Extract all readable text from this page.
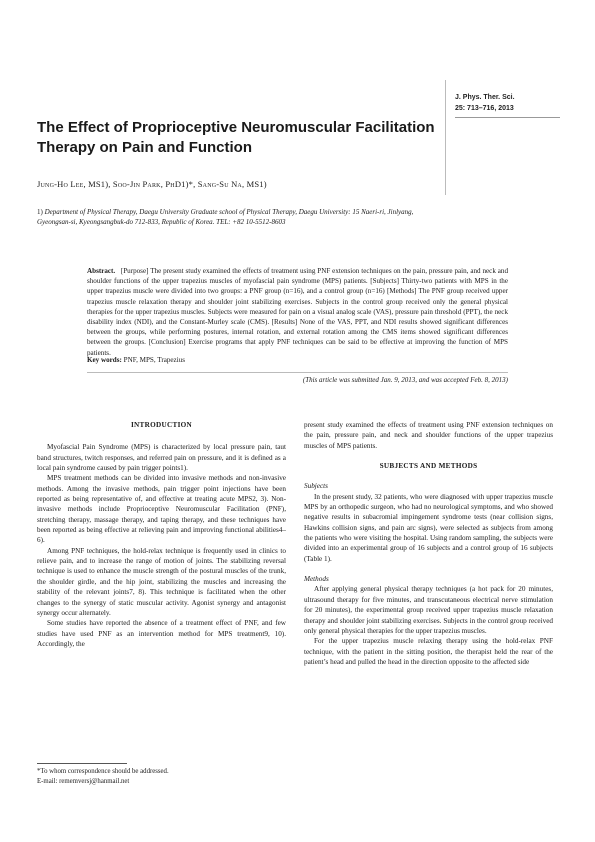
J. Phys. Ther. Sci.
25: 713–716, 2013
The Effect of Proprioceptive Neuromuscular Facilitation Therapy on Pain and Function
Jung-Ho Lee, MS1), Soo-Jin Park, PhD1)*, Sang-Su Na, MS1)
1) Department of Physical Therapy, Daegu University Graduate school of Physical Therapy, Daegu University: 15 Naeri-ri, Jinlyang, Gyeongsan-si, Kyeongsangbuk-do 712-833, Republic of Korea. TEL: +82 10-5512-8603
Abstract. [Purpose] The present study examined the effects of treatment using PNF extension techniques on the pain, pressure pain, and neck and shoulder functions of the upper trapezius muscles of myofascial pain syndrome (MPS) patients. [Subjects] Thirty-two patients with MPS in the upper trapezius muscle were divided into two groups: a PNF group (n=16), and a control group (n=16) [Methods] The PNF group received upper trapezius muscle relaxation therapy and shoulder joint stabilizing exercises. Subjects in the control group received only the general physical therapies for the upper trapezius muscles. Subjects were measured for pain on a visual analog scale (VAS), pressure pain threshold (PPT), the neck disability index (NDI), and the Constant-Murley scale (CMS). [Results] None of the VAS, PPT, and NDI results showed significant differences between the groups, while performing postures, internal rotation, and external rotation among the CMS items showed significant differences between the groups. [Conclusion] Exercise programs that apply PNF techniques can be said to be effective at improving the function of MPS patients.
Key words: PNF, MPS, Trapezius
(This article was submitted Jan. 9, 2013, and was accepted Feb. 8, 2013)

INTRODUCTION

Myofascial Pain Syndrome (MPS) is characterized by local pressure pain, taut band structures, twitch responses, and referred pain on pressure, and it is defined as a local pain syndrome caused by pain trigger points1).

MPS treatment methods can be divided into invasive methods and non-invasive methods. Among the invasive methods, pain trigger point injections have been reported as being representative of, and effective at treating acute MPS2, 3). Non-invasive methods include Proprioceptive Neuromuscular Facilitation (PNF), stretching therapy, massage therapy, and taping therapy, and these techniques have been reported as being effective at relieving pain and improving functional abilities4–6).

Among PNF techniques, the hold-relax technique is frequently used in clinics to relieve pain, and to increase the range of motion of joints. The stabilizing reversal technique is used to enhance the muscle strength of the postural muscles of the trunk, the shoulder girdle, and the hip joint, stabilizing the muscles and increasing the stability of the relevant joints7, 8). This technique is facilitated when the other changes to the synergy of static muscular activity. Agonist synergy and antagonist synergy occur alternately.

Some studies have reported the absence of a treatment effect of PNF, and few studies have used PNF as an intervention method for MPS treatment9, 10). Accordingly, the

present study examined the effects of treatment using PNF extension techniques on the pain, pressure pain, and neck and shoulder functions of the upper trapezius muscles of MPS patients.

SUBJECTS AND METHODS

Subjects

In the present study, 32 patients, who were diagnosed with upper trapezius muscle MPS by an orthopedic surgeon, who had no neurological symptoms, and who showed negative results in subacromial impingement syndrome tests (near collision signs, Hawkins collision signs, and pain arc signs), were selected as subjects from among the patients who were visiting the hospital. Using random sampling, the subjects were divided into an experimental group of 16 subjects and a control group of 16 subjects (Table 1).

Methods

After applying general physical therapy techniques (a hot pack for 20 minutes, ultrasound therapy for five minutes, and transcutaneous electrical nerve stimulation for 20 minutes), the experimental group received upper trapezius muscle relaxation therapy and shoulder joint stabilizing exercises. Subjects in the control group received only general physical therapies for the upper trapezius muscles.

For the upper trapezius muscle relaxing therapy using the hold-relax PNF technique, with the patient in the sitting position, the therapist held the rear of the patient’s head and pulled the head in the direction opposite to the affected side

*To whom correspondence should be addressed.
E-mail: rememversj@hanmail.net
